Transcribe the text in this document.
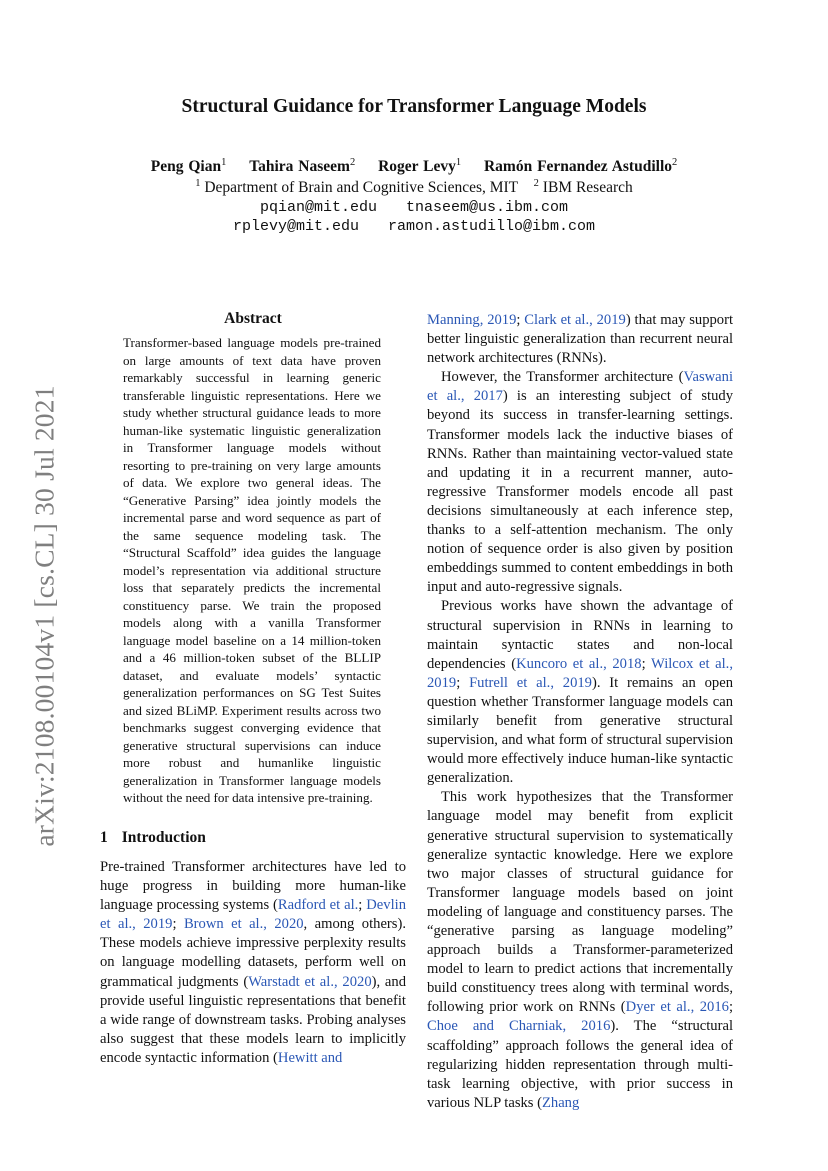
arXiv:2108.00104v1 [cs.CL] 30 Jul 2021
Structural Guidance for Transformer Language Models
Peng Qian$^1$ Tahira Naseem$^2$ Roger Levy$^1$ Ramón Fernandez Astudillo$^2$
$^1$ Department of Brain and Cognitive Sciences, MIT $^2$ IBM Research
pqian@mit.edu tnaseem@us.ibm.com
rplevy@mit.edu ramon.astudillo@ibm.com
Abstract

Transformer-based language models pre-trained on large amounts of text data have proven remarkably successful in learning generic transferable linguistic representations. Here we study whether structural guidance leads to more human-like systematic linguistic generalization in Transformer language models without resorting to pre-training on very large amounts of data. We explore two general ideas. The “Generative Parsing” idea jointly models the incremental parse and word sequence as part of the same sequence modeling task. The “Structural Scaffold” idea guides the language model’s representation via additional structure loss that separately predicts the incremental constituency parse. We train the proposed models along with a vanilla Transformer language model baseline on a 14 million-token and a 46 million-token subset of the BLLIP dataset, and evaluate models’ syntactic generalization performances on SG Test Suites and sized BLiMP. Experiment results across two benchmarks suggest converging evidence that generative structural supervisions can induce more robust and humanlike linguistic generalization in Transformer language models without the need for data intensive pre-training.

1 Introduction

Pre-trained Transformer architectures have led to huge progress in building more human-like language processing systems (Radford et al.; Devlin et al., 2019; Brown et al., 2020, among others). These models achieve impressive perplexity results on language modelling datasets, perform well on grammatical judgments (Warstadt et al., 2020), and provide useful linguistic representations that benefit a wide range of downstream tasks. Probing analyses also suggest that these models learn to implicitly encode syntactic information (Hewitt and

Manning, 2019; Clark et al., 2019) that may support better linguistic generalization than recurrent neural network architectures (RNNs).

However, the Transformer architecture (Vaswani et al., 2017) is an interesting subject of study beyond its success in transfer-learning settings. Transformer models lack the inductive biases of RNNs. Rather than maintaining vector-valued state and updating it in a recurrent manner, auto-regressive Transformer models encode all past decisions simultaneously at each inference step, thanks to a self-attention mechanism. The only notion of sequence order is also given by position embeddings summed to content embeddings in both input and auto-regressive signals.

Previous works have shown the advantage of structural supervision in RNNs in learning to maintain syntactic states and non-local dependencies (Kuncoro et al., 2018; Wilcox et al., 2019; Futrell et al., 2019). It remains an open question whether Transformer language models can similarly benefit from generative structural supervision, and what form of structural supervision would more effectively induce human-like syntactic generalization.

This work hypothesizes that the Transformer language model may benefit from explicit generative structural supervision to systematically generalize syntactic knowledge. Here we explore two major classes of structural guidance for Transformer language models based on joint modeling of language and constituency parses. The “generative parsing as language modeling” approach builds a Transformer-parameterized model to learn to predict actions that incrementally build constituency trees along with terminal words, following prior work on RNNs (Dyer et al., 2016; Choe and Charniak, 2016). The “structural scaffolding” approach follows the general idea of regularizing hidden representation through multi-task learning objective, with prior success in various NLP tasks (Zhang
